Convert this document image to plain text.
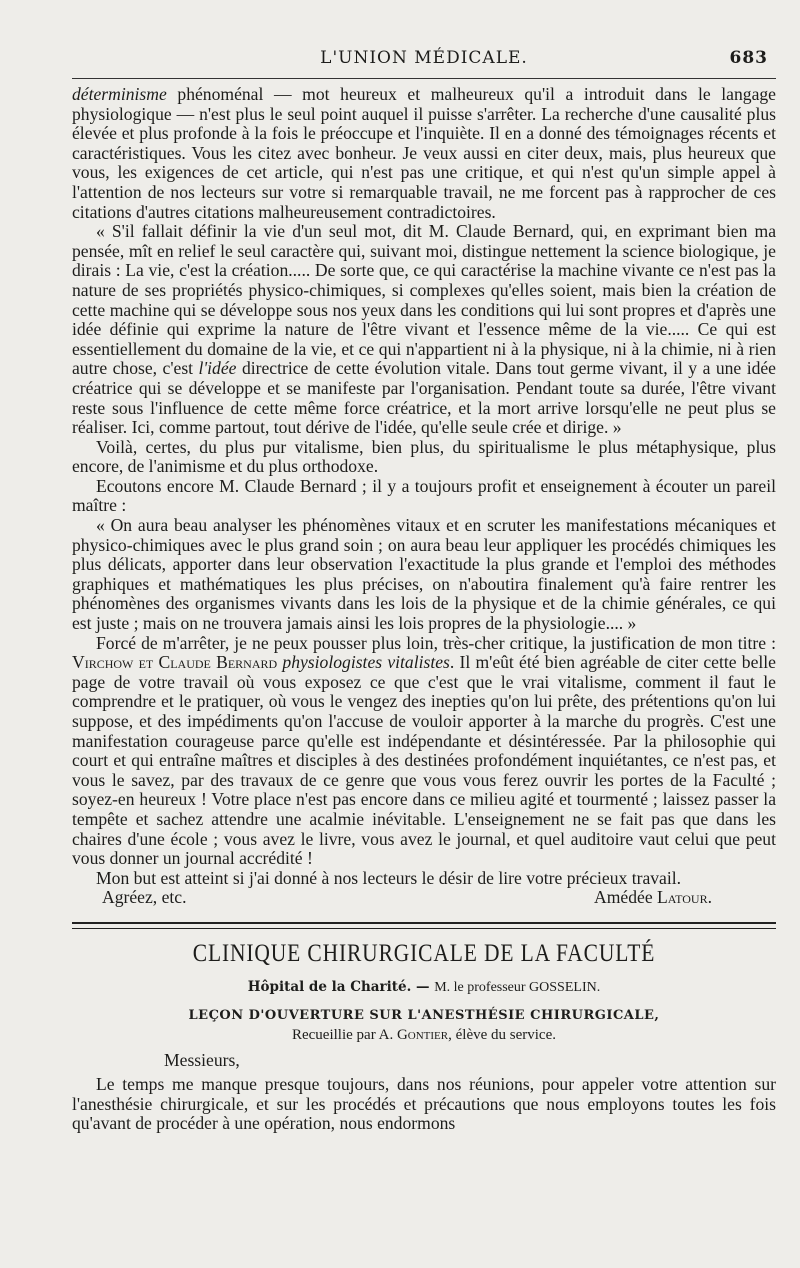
L'UNION MÉDICALE.	683

déterminisme phénoménal — mot heureux et malheureux qu'il a introduit dans le langage physiologique — n'est plus le seul point auquel il puisse s'arrêter. La recherche d'une causalité plus élevée et plus profonde à la fois le préoccupe et l'inquiète. Il en a donné des témoignages récents et caractéristiques. Vous les citez avec bonheur. Je veux aussi en citer deux, mais, plus heureux que vous, les exigences de cet article, qui n'est pas une critique, et qui n'est qu'un simple appel à l'attention de nos lecteurs sur votre si remarquable travail, ne me forcent pas à rapprocher de ces citations d'autres citations malheureusement contradictoires.

« S'il fallait définir la vie d'un seul mot, dit M. Claude Bernard, qui, en exprimant bien ma pensée, mît en relief le seul caractère qui, suivant moi, distingue nettement la science biologique, je dirais : La vie, c'est la création..... De sorte que, ce qui caractérise la machine vivante ce n'est pas la nature de ses propriétés physico-chimiques, si complexes qu'elles soient, mais bien la création de cette machine qui se développe sous nos yeux dans les conditions qui lui sont propres et d'après une idée définie qui exprime la nature de l'être vivant et l'essence même de la vie..... Ce qui est essentiellement du domaine de la vie, et ce qui n'appartient ni à la physique, ni à la chimie, ni à rien autre chose, c'est l'idée directrice de cette évolution vitale. Dans tout germe vivant, il y a une idée créatrice qui se développe et se manifeste par l'organisation. Pendant toute sa durée, l'être vivant reste sous l'influence de cette même force créatrice, et la mort arrive lorsqu'elle ne peut plus se réaliser. Ici, comme partout, tout dérive de l'idée, qu'elle seule crée et dirige. »

Voilà, certes, du plus pur vitalisme, bien plus, du spiritualisme le plus métaphysique, plus encore, de l'animisme et du plus orthodoxe.

Ecoutons encore M. Claude Bernard ; il y a toujours profit et enseignement à écouter un pareil maître :

« On aura beau analyser les phénomènes vitaux et en scruter les manifestations mécaniques et physico-chimiques avec le plus grand soin ; on aura beau leur appliquer les procédés chimiques les plus délicats, apporter dans leur observation l'exactitude la plus grande et l'emploi des méthodes graphiques et mathématiques les plus précises, on n'aboutira finalement qu'à faire rentrer les phénomènes des organismes vivants dans les lois de la physique et de la chimie générales, ce qui est juste ; mais on ne trouvera jamais ainsi les lois propres de la physiologie.... »

Forcé de m'arrêter, je ne peux pousser plus loin, très-cher critique, la justification de mon titre : Virchow et Claude Bernard physiologistes vitalistes. Il m'eût été bien agréable de citer cette belle page de votre travail où vous exposez ce que c'est que le vrai vitalisme, comment il faut le comprendre et le pratiquer, où vous le vengez des inepties qu'on lui prête, des prétentions qu'on lui suppose, et des impédiments qu'on l'accuse de vouloir apporter à la marche du progrès. C'est une manifestation courageuse parce qu'elle est indépendante et désintéressée. Par la philosophie qui court et qui entraîne maîtres et disciples à des destinées profondément inquiétantes, ce n'est pas, et vous le savez, par des travaux de ce genre que vous vous ferez ouvrir les portes de la Faculté ; soyez-en heureux ! Votre place n'est pas encore dans ce milieu agité et tourmenté ; laissez passer la tempête et sachez attendre une acalmie inévitable. L'enseignement ne se fait pas que dans les chaires d'une école ; vous avez le livre, vous avez le journal, et quel auditoire vaut celui que peut vous donner un journal accrédité !

Mon but est atteint si j'ai donné à nos lecteurs le désir de lire votre précieux travail.

Agréez, etc.	Amédée Latour.
CLINIQUE CHIRURGICALE DE LA FACULTÉ
Hôpital de la Charité. — M. le professeur GOSSELIN.
LEÇON D'OUVERTURE SUR L'ANESTHÉSIE CHIRURGICALE,
Recueillie par A. Gontier, élève du service.
Messieurs,

Le temps me manque presque toujours, dans nos réunions, pour appeler votre attention sur l'anesthésie chirurgicale, et sur les procédés et précautions que nous employons toutes les fois qu'avant de procéder à une opération, nous endormons
